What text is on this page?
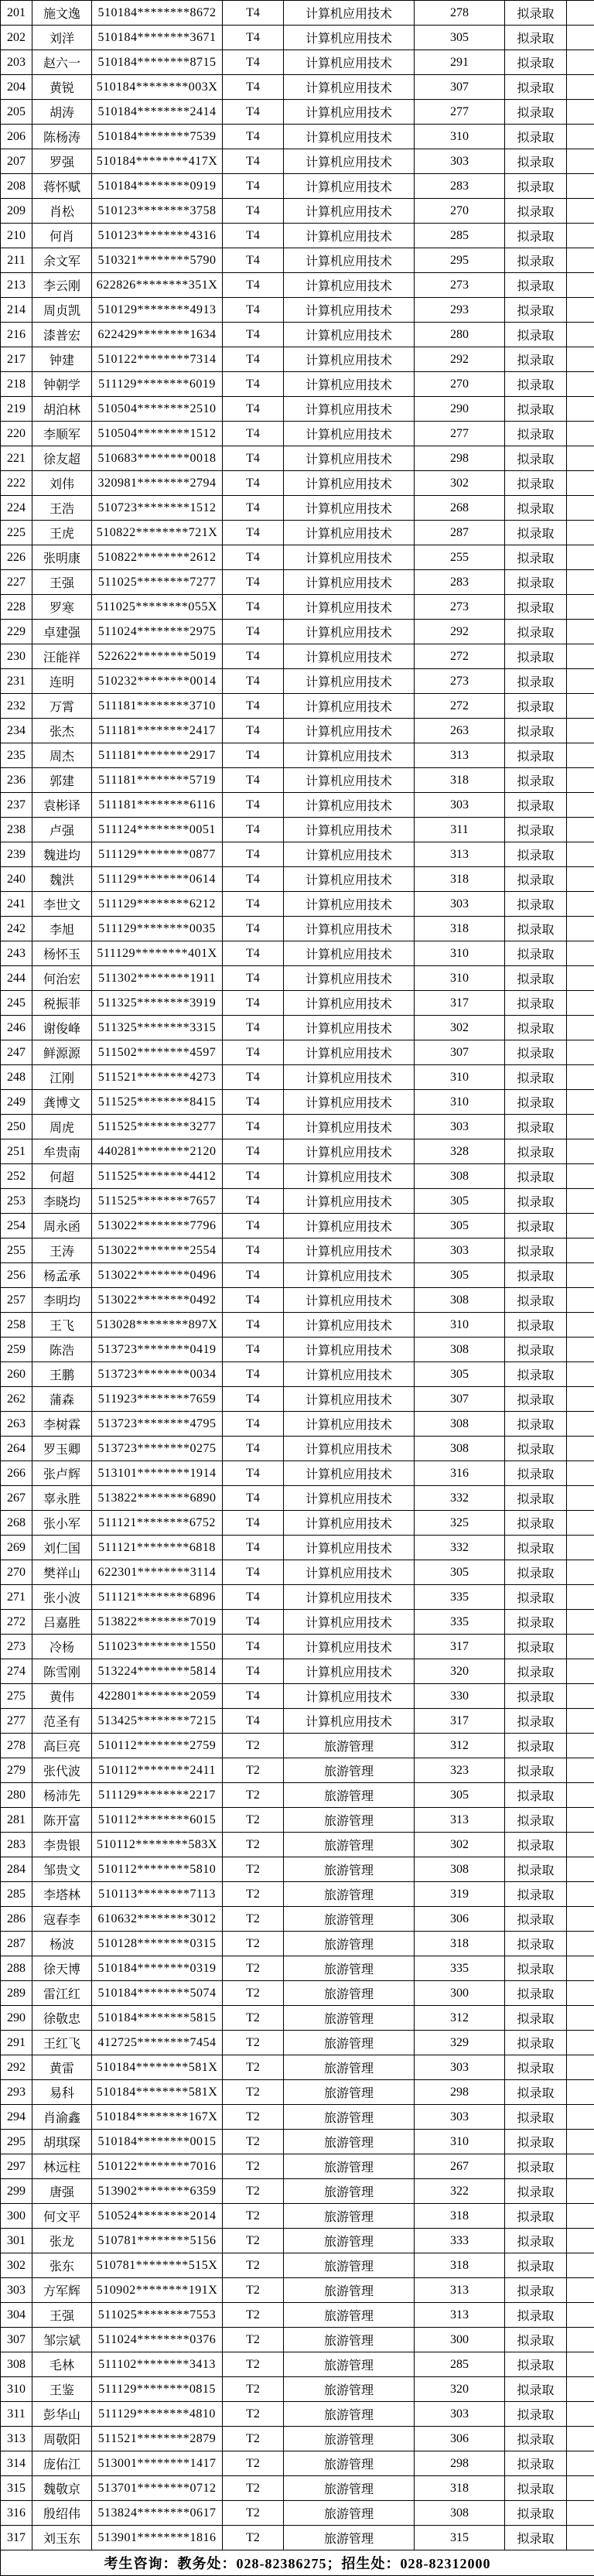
201	施文逸	510184********8672	T4	计算机应用技术	278	拟录取	
202	刘洋	510184********3671	T4	计算机应用技术	305	拟录取	
203	赵六一	510184********8715	T4	计算机应用技术	291	拟录取	
204	黄锐	510184********003X	T4	计算机应用技术	307	拟录取	
205	胡涛	510184********2414	T4	计算机应用技术	277	拟录取	
206	陈杨涛	510184********7539	T4	计算机应用技术	310	拟录取	
207	罗强	510184********417X	T4	计算机应用技术	303	拟录取	
208	蒋怀赋	510184********0919	T4	计算机应用技术	283	拟录取	
209	肖松	510123********3758	T4	计算机应用技术	270	拟录取	
210	何肖	510123********4316	T4	计算机应用技术	285	拟录取	
211	余文军	510321********5790	T4	计算机应用技术	295	拟录取	
213	李云刚	622826********351X	T4	计算机应用技术	273	拟录取	
214	周贞凯	510129********4913	T4	计算机应用技术	293	拟录取	
216	漆普宏	622429********1634	T4	计算机应用技术	280	拟录取	
217	钟建	510122********7314	T4	计算机应用技术	292	拟录取	
218	钟朝学	511129********6019	T4	计算机应用技术	270	拟录取	
219	胡泊林	510504********2510	T4	计算机应用技术	290	拟录取	
220	李顺军	510504********1512	T4	计算机应用技术	277	拟录取	
221	徐友超	510683********0018	T4	计算机应用技术	298	拟录取	
222	刘伟	320981********2794	T4	计算机应用技术	302	拟录取	
224	王浩	510723********1512	T4	计算机应用技术	268	拟录取	
225	王虎	510822********721X	T4	计算机应用技术	287	拟录取	
226	张明康	510822********2612	T4	计算机应用技术	255	拟录取	
227	王强	511025********7277	T4	计算机应用技术	283	拟录取	
228	罗寒	511025********055X	T4	计算机应用技术	273	拟录取	
229	卓建强	511024********2975	T4	计算机应用技术	292	拟录取	
230	汪能祥	522622********5019	T4	计算机应用技术	272	拟录取	
231	连明	510232********0014	T4	计算机应用技术	273	拟录取	
232	万霄	511181********3710	T4	计算机应用技术	272	拟录取	
234	张杰	511181********2417	T4	计算机应用技术	263	拟录取	
235	周杰	511181********2917	T4	计算机应用技术	313	拟录取	
236	郭建	511181********5719	T4	计算机应用技术	318	拟录取	
237	袁彬译	511181********6116	T4	计算机应用技术	303	拟录取	
238	卢强	511124********0051	T4	计算机应用技术	311	拟录取	
239	魏进均	511129********0877	T4	计算机应用技术	313	拟录取	
240	魏洪	511129********0614	T4	计算机应用技术	318	拟录取	
241	李世文	511129********6212	T4	计算机应用技术	303	拟录取	
242	李旭	511129********0035	T4	计算机应用技术	318	拟录取	
243	杨怀玉	511129********401X	T4	计算机应用技术	310	拟录取	
244	何治宏	511302********1911	T4	计算机应用技术	310	拟录取	
245	税振菲	511325********3919	T4	计算机应用技术	317	拟录取	
246	谢俊峰	511325********3315	T4	计算机应用技术	302	拟录取	
247	鲜源源	511502********4597	T4	计算机应用技术	307	拟录取	
248	江刚	511521********4273	T4	计算机应用技术	310	拟录取	
249	龚博文	511525********8415	T4	计算机应用技术	310	拟录取	
250	周虎	511525********3277	T4	计算机应用技术	303	拟录取	
251	牟贵南	440281********2120	T4	计算机应用技术	328	拟录取	
252	何超	511525********4412	T4	计算机应用技术	308	拟录取	
253	李晓均	511525********7657	T4	计算机应用技术	305	拟录取	
254	周永函	513022********7796	T4	计算机应用技术	305	拟录取	
255	王涛	513022********2554	T4	计算机应用技术	303	拟录取	
256	杨孟承	513022********0496	T4	计算机应用技术	305	拟录取	
257	李明均	513022********0492	T4	计算机应用技术	308	拟录取	
258	王飞	513028********897X	T4	计算机应用技术	310	拟录取	
259	陈浩	513723********0419	T4	计算机应用技术	308	拟录取	
260	王鹏	513723********0034	T4	计算机应用技术	305	拟录取	
262	蒲森	511923********7659	T4	计算机应用技术	307	拟录取	
263	李树霖	513723********4795	T4	计算机应用技术	308	拟录取	
264	罗玉卿	513723********0275	T4	计算机应用技术	308	拟录取	
266	张卢辉	513101********1914	T4	计算机应用技术	316	拟录取	
267	辜永胜	513822********6890	T4	计算机应用技术	332	拟录取	
268	张小军	511121********6752	T4	计算机应用技术	325	拟录取	
269	刘仁国	511121********6818	T4	计算机应用技术	332	拟录取	
270	樊祥山	622301********3114	T4	计算机应用技术	305	拟录取	
271	张小波	511121********6896	T4	计算机应用技术	335	拟录取	
272	吕嘉胜	513822********7019	T4	计算机应用技术	335	拟录取	
273	冷杨	511023********1550	T4	计算机应用技术	317	拟录取	
274	陈雪刚	513224********5814	T4	计算机应用技术	320	拟录取	
275	黄伟	422801********2059	T4	计算机应用技术	330	拟录取	
277	范圣有	513425********7215	T4	计算机应用技术	317	拟录取	
278	高巨亮	510112********2759	T2	旅游管理	312	拟录取	
279	张代波	510112********2411	T2	旅游管理	323	拟录取	
280	杨沛先	511129********2217	T2	旅游管理	305	拟录取	
281	陈开富	510112********6015	T2	旅游管理	313	拟录取	
283	李贵银	510112********583X	T2	旅游管理	302	拟录取	
284	邹贵文	510112********5810	T2	旅游管理	308	拟录取	
285	李塔林	510113********7113	T2	旅游管理	319	拟录取	
286	寇春李	610632********3012	T2	旅游管理	306	拟录取	
287	杨波	510128********0315	T2	旅游管理	318	拟录取	
288	徐天博	510184********0319	T2	旅游管理	335	拟录取	
289	雷江红	510184********5074	T2	旅游管理	300	拟录取	
290	徐敬忠	510184********5815	T2	旅游管理	312	拟录取	
291	王红飞	412725********7454	T2	旅游管理	329	拟录取	
292	黄雷	510184********581X	T2	旅游管理	303	拟录取	
293	易科	510184********581X	T2	旅游管理	298	拟录取	
294	肖渝鑫	510184********167X	T2	旅游管理	303	拟录取	
295	胡琪琛	510184********0015	T2	旅游管理	310	拟录取	
297	林远柱	510122********7016	T2	旅游管理	267	拟录取	
299	唐强	513902********6359	T2	旅游管理	322	拟录取	
300	何文平	510524********2014	T2	旅游管理	318	拟录取	
301	张龙	510781********5156	T2	旅游管理	333	拟录取	
302	张东	510781********515X	T2	旅游管理	318	拟录取	
303	方军辉	510902********191X	T2	旅游管理	313	拟录取	
304	王强	511025********7553	T2	旅游管理	313	拟录取	
307	邹宗斌	511024********0376	T2	旅游管理	300	拟录取	
308	毛林	511102********3413	T2	旅游管理	285	拟录取	
310	王鉴	511129********0815	T2	旅游管理	320	拟录取	
311	彭华山	511129********4810	T2	旅游管理	303	拟录取	
313	周敬阳	511521********2879	T2	旅游管理	306	拟录取	
314	庞佑江	513001********1417	T2	旅游管理	298	拟录取	
315	魏敬京	513701********0712	T2	旅游管理	318	拟录取	
316	殷绍伟	513824********0617	T2	旅游管理	308	拟录取	
317	刘玉东	513901********1816	T2	旅游管理	315	拟录取	
考生咨询：教务处：028-82386275；招生处：028-82312000							
